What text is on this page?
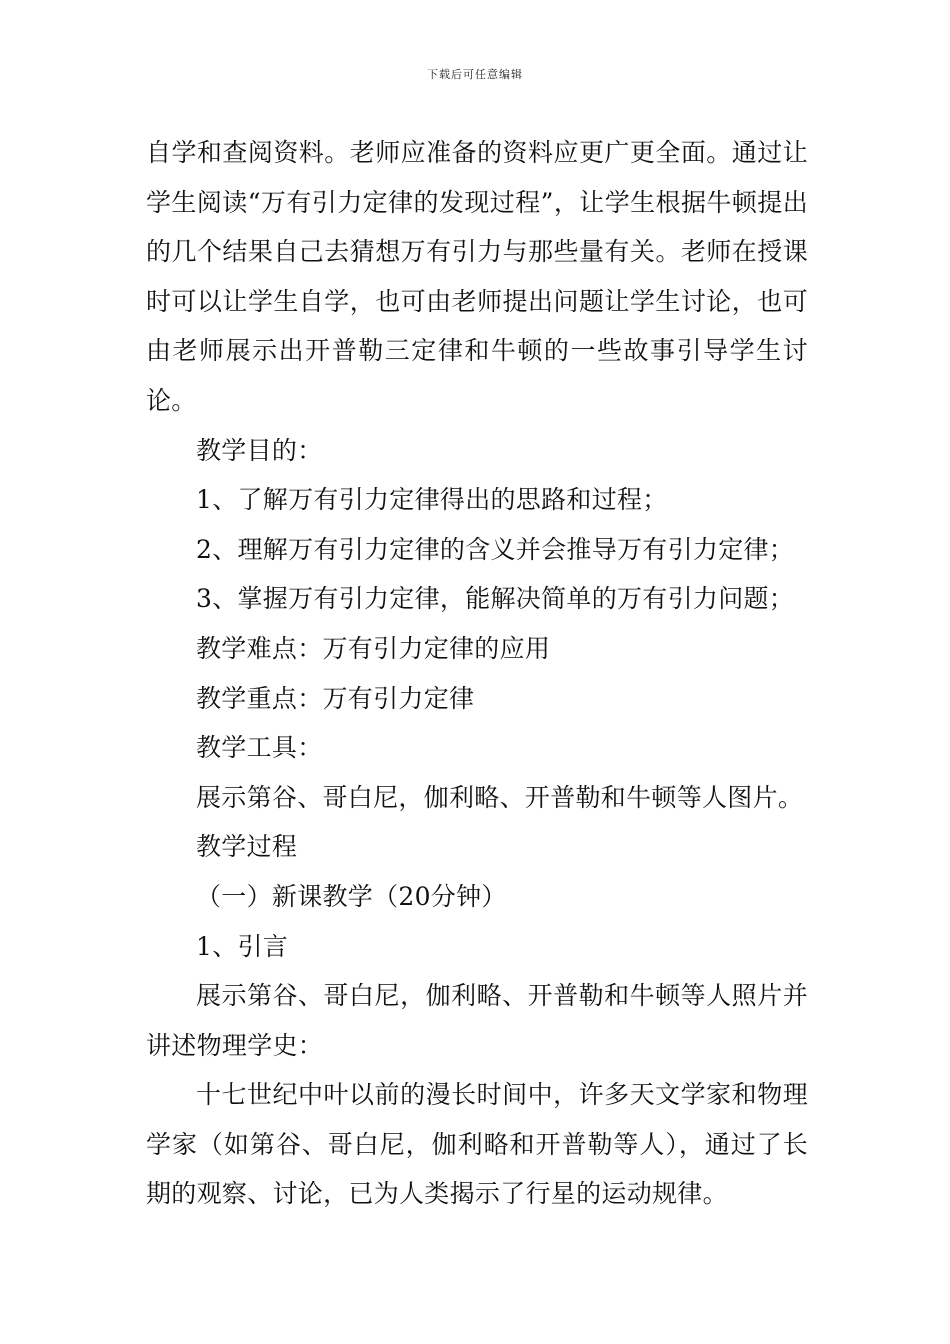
下载后可任意编辑

自学和查阅资料。老师应准备的资料应更广更全面。通过让学生阅读“万有引力定律的发现过程”，让学生根据牛顿提出的几个结果自己去猜想万有引力与那些量有关。老师在授课时可以让学生自学，也可由老师提出问题让学生讨论，也可由老师展示出开普勒三定律和牛顿的一些故事引导学生讨论。

教学目的：

1、了解万有引力定律得出的思路和过程；

2、理解万有引力定律的含义并会推导万有引力定律；

3、掌握万有引力定律，能解决简单的万有引力问题；

教学难点：万有引力定律的应用

教学重点：万有引力定律

教学工具：

展示第谷、哥白尼，伽利略、开普勒和牛顿等人图片。

教学过程

（一）新课教学（20分钟）

1、引言

展示第谷、哥白尼，伽利略、开普勒和牛顿等人照片并讲述物理学史：

十七世纪中叶以前的漫长时间中，许多天文学家和物理学家（如第谷、哥白尼，伽利略和开普勒等人），通过了长期的观察、讨论，已为人类揭示了行星的运动规律。
